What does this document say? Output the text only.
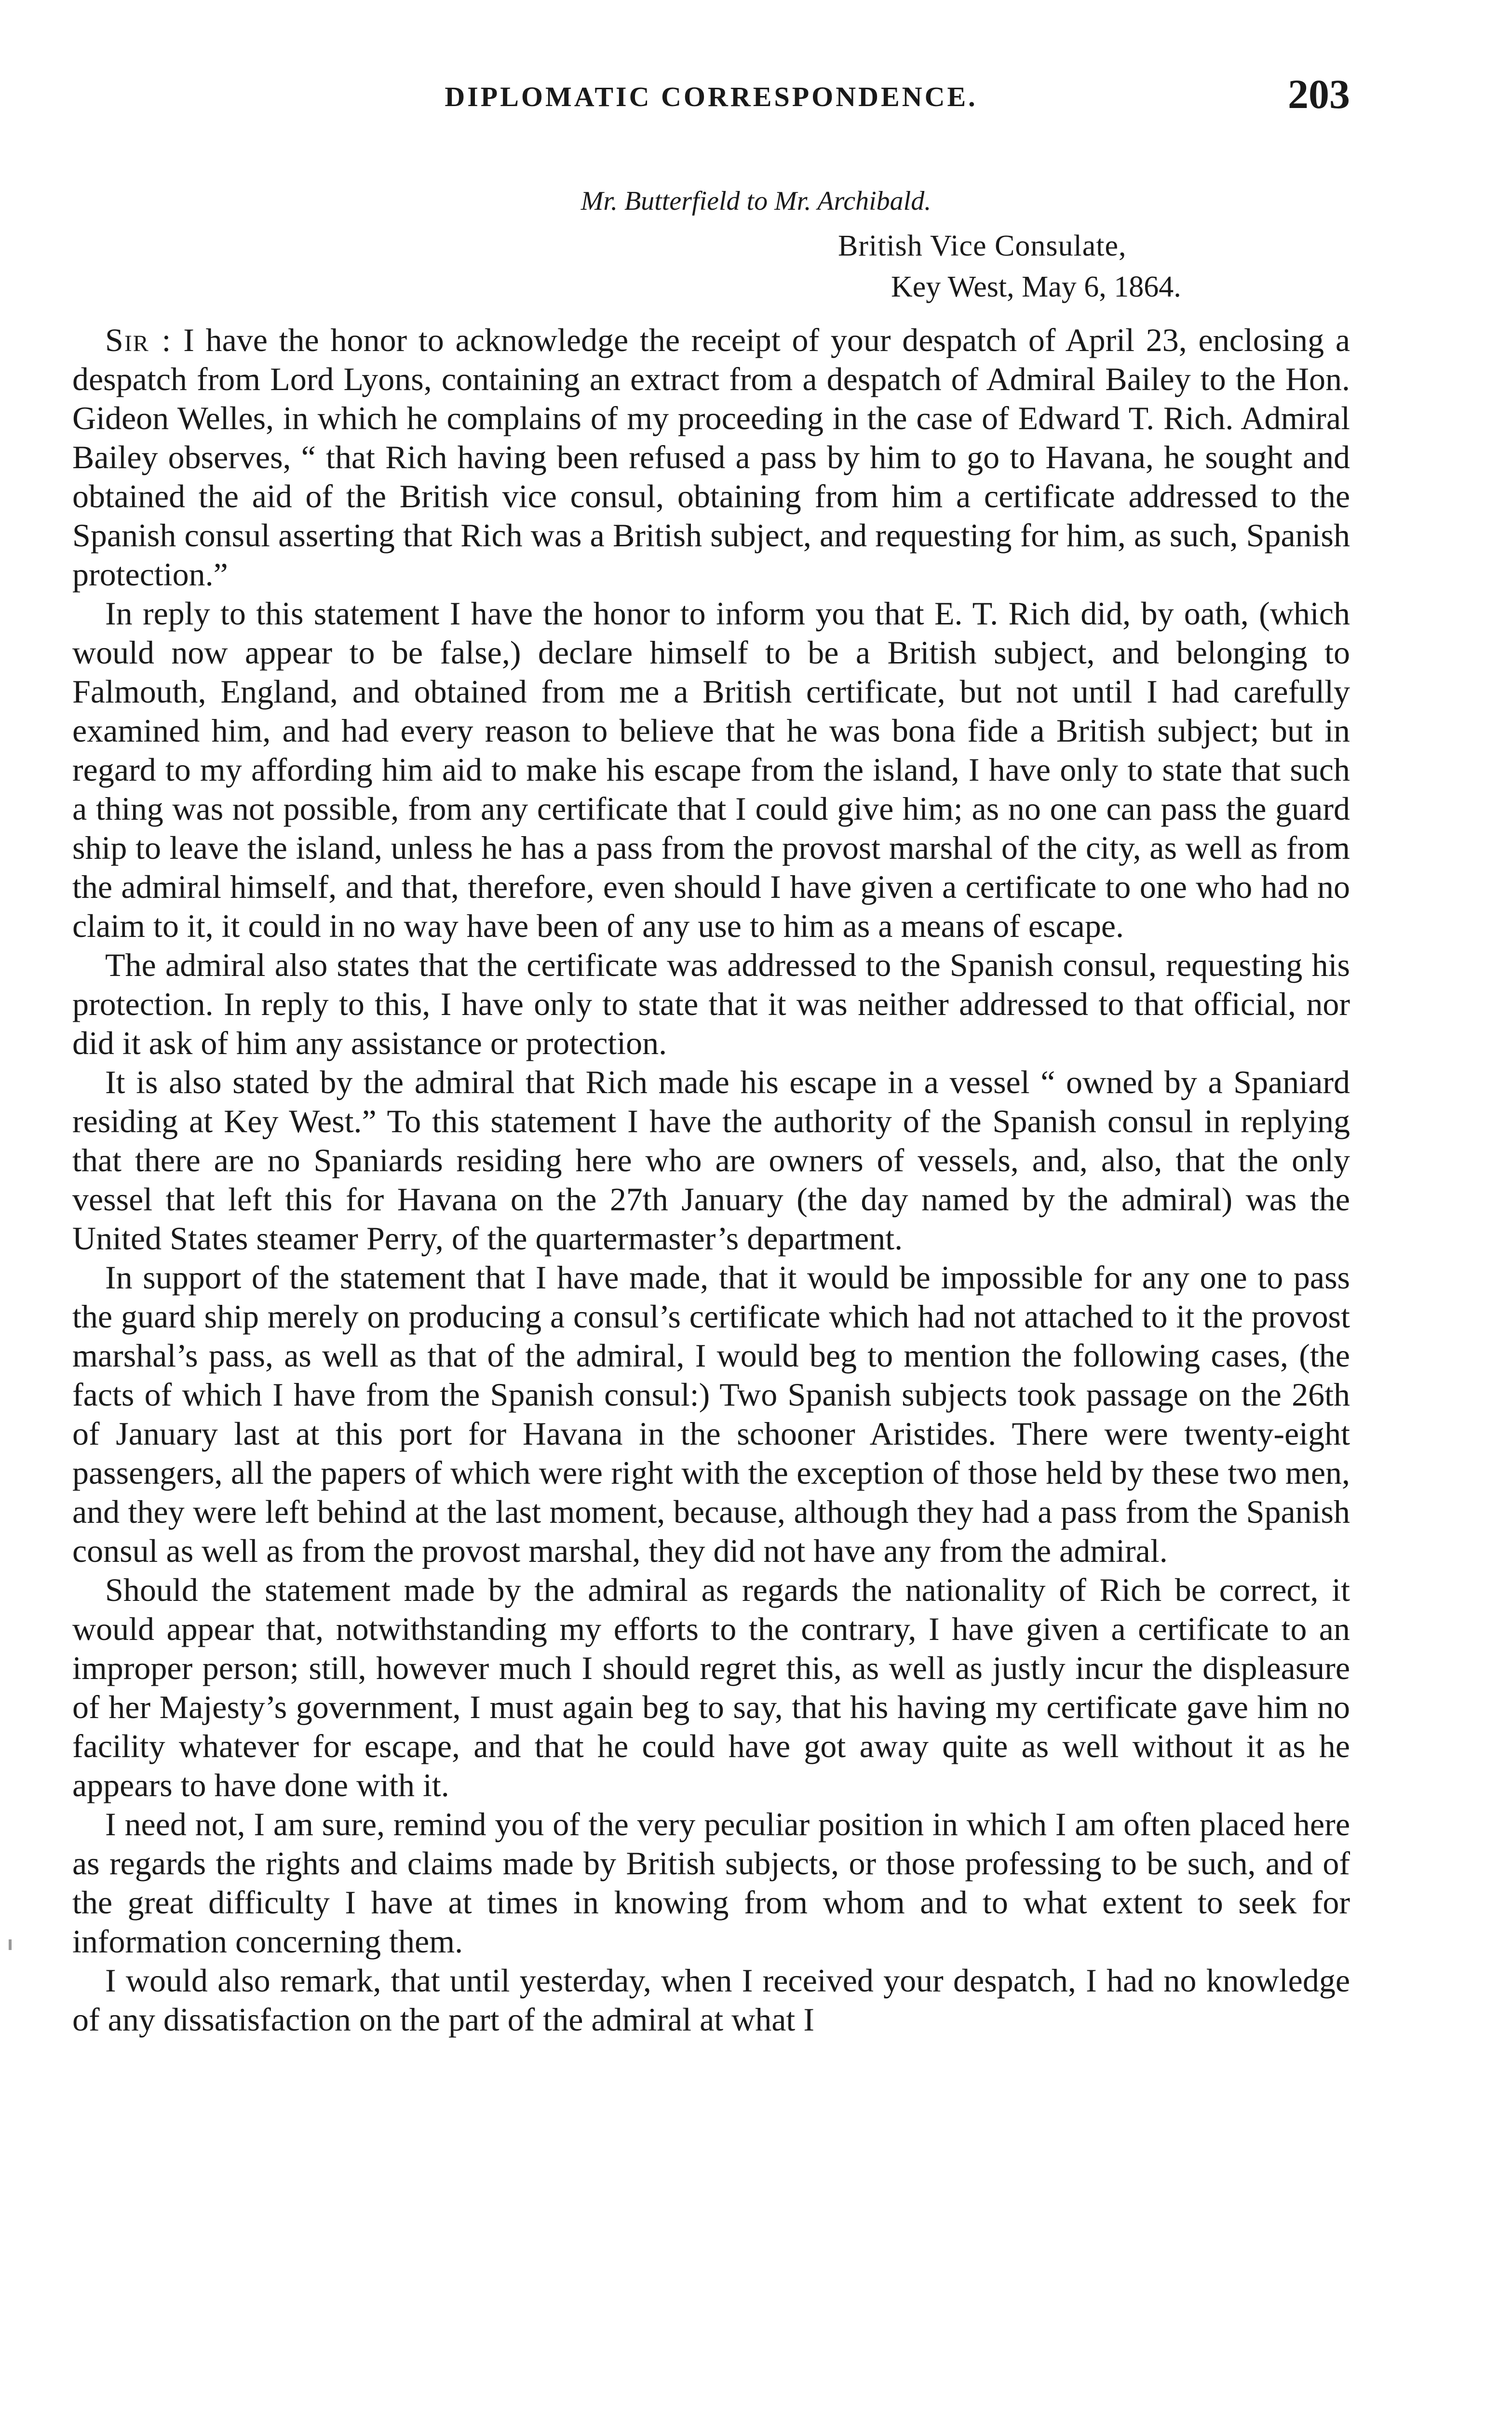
DIPLOMATIC CORRESPONDENCE.	203
Mr. Butterfield to Mr. Archibald.
British Vice Consulate,
Key West, May 6, 1864.

Sir : I have the honor to acknowledge the receipt of your despatch of April 23, enclosing a despatch from Lord Lyons, containing an extract from a despatch of Admiral Bailey to the Hon. Gideon Welles, in which he complains of my proceeding in the case of Edward T. Rich. Admiral Bailey observes, “ that Rich having been refused a pass by him to go to Havana, he sought and obtained the aid of the British vice consul, obtaining from him a certificate addressed to the Spanish consul asserting that Rich was a British subject, and requesting for him, as such, Spanish protection.”

In reply to this statement I have the honor to inform you that E. T. Rich did, by oath, (which would now appear to be false,) declare himself to be a British subject, and belonging to Falmouth, England, and obtained from me a British certificate, but not until I had carefully examined him, and had every reason to believe that he was bona fide a British subject; but in regard to my affording him aid to make his escape from the island, I have only to state that such a thing was not possible, from any certificate that I could give him; as no one can pass the guard ship to leave the island, unless he has a pass from the provost marshal of the city, as well as from the admiral himself, and that, therefore, even should I have given a certificate to one who had no claim to it, it could in no way have been of any use to him as a means of escape.

The admiral also states that the certificate was addressed to the Spanish consul, requesting his protection. In reply to this, I have only to state that it was neither addressed to that official, nor did it ask of him any assistance or protection.

It is also stated by the admiral that Rich made his escape in a vessel “ owned by a Spaniard residing at Key West.” To this statement I have the authority of the Spanish consul in replying that there are no Spaniards residing here who are owners of vessels, and, also, that the only vessel that left this for Havana on the 27th January (the day named by the admiral) was the United States steamer Perry, of the quartermaster’s department.

In support of the statement that I have made, that it would be impossible for any one to pass the guard ship merely on producing a consul’s certificate which had not attached to it the provost marshal’s pass, as well as that of the admiral, I would beg to mention the following cases, (the facts of which I have from the Spanish consul:) Two Spanish subjects took passage on the 26th of January last at this port for Havana in the schooner Aristides. There were twenty-eight passengers, all the papers of which were right with the exception of those held by these two men, and they were left behind at the last moment, because, although they had a pass from the Spanish consul as well as from the provost marshal, they did not have any from the admiral.

Should the statement made by the admiral as regards the nationality of Rich be correct, it would appear that, notwithstanding my efforts to the contrary, I have given a certificate to an improper person; still, however much I should regret this, as well as justly incur the displeasure of her Majesty’s government, I must again beg to say, that his having my certificate gave him no facility whatever for escape, and that he could have got away quite as well without it as he appears to have done with it.

I need not, I am sure, remind you of the very peculiar position in which I am often placed here as regards the rights and claims made by British subjects, or those professing to be such, and of the great difficulty I have at times in knowing from whom and to what extent to seek for information concerning them.

I would also remark, that until yesterday, when I received your despatch, I had no knowledge of any dissatisfaction on the part of the admiral at what I
